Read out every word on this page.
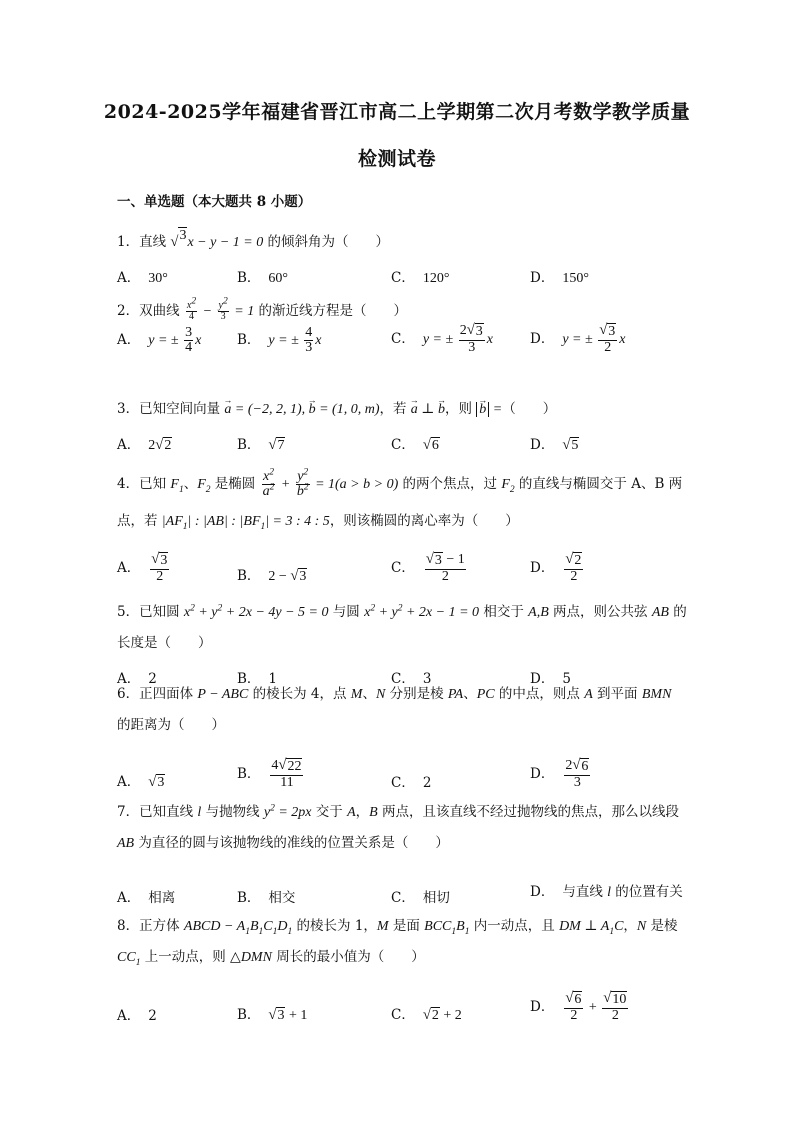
2024-2025学年福建省晋江市高二上学期第二次月考数学教学质量
检测试卷
一、单选题（本大题共 8 小题）
1．直线 √ 3 x − y − 1 = 0 的倾斜角为（　　）
A． 30°	B． 60°	C． 120°	D． 150°
2．双曲线 $\frac{x^2}{4} - \frac{y^2}{3} = 1$ 的渐近线方程是（　　）
A． y = ± $\frac{3}{4}$ x	B． y = ± $\frac{4}{3}$ x	C． y = ± $\frac{2 √ 3}{3}$ x	D． y = ± $\frac{√ 3}{2}$ x
3．已知空间向量 → a = (−2, 2, 1), → b = (1, 0, m)，若 → a ⊥ → b，则 → b =（　　）
A． 2 √ 2	B． √ 7	C． √ 6	D． √ 5
4．已知 $F_1$、$F_2$ 是椭圆 $\frac{x^2}{a^2} + \frac{y^2}{b^2} = 1(a > b > 0)$ 的两个焦点，过 $F_2$ 的直线与椭圆交于 A、B 两点，若 $|AF_1|$ : |AB| : $|BF_1| = 3$ : 4 : 5，则该椭圆的离心率为（　　）
A． $\frac{√ 3}{2}$	B． 2 − √ 3
C． $\frac{√ 3 - 1}{2}$	D． $\frac{√ 2}{2}$
5．已知圆 $x^2 + y^2 + 2x - 4y - 5 = 0$ 与圆 $x^2 + y^2 + 2x - 1 = 0$ 相交于 A,B 两点，则公共弦 AB 的长度是（　　）
A． 2	B． 1	C． 3	D． 5
6．正四面体 P − ABC 的棱长为 4，点 M、N 分别是棱 PA、PC 的中点，则点 A 到平面 BMN 的距离为（　　）
A． √ 3
B． $\frac{4 √ 22}{11}$	C． 2
D． $\frac{2 √ 6}{3}$
7．已知直线 l 与抛物线 $y^2 = 2px$ 交于 A，B 两点，且该直线不经过抛物线的焦点，那么以线段 AB 为直径的圆与该抛物线的准线的位置关系是（　　）
A． 相离	B． 相交	C． 相切	D． 与直线 l 的位置有关
8．正方体 ABCD − $A_1B_1C_1D_1$ 的棱长为 1，M 是面 $BCC_1B_1$ 内一动点，且 DM ⊥ $A_1C$，N 是棱 $CC_1$ 上一动点，则 △DMN 周长的最小值为（　　）
A． 2	B． √ 3 + 1	C． √ 2 + 2
D． $\frac{√ 6}{2} + \frac{√ 10}{2}$
